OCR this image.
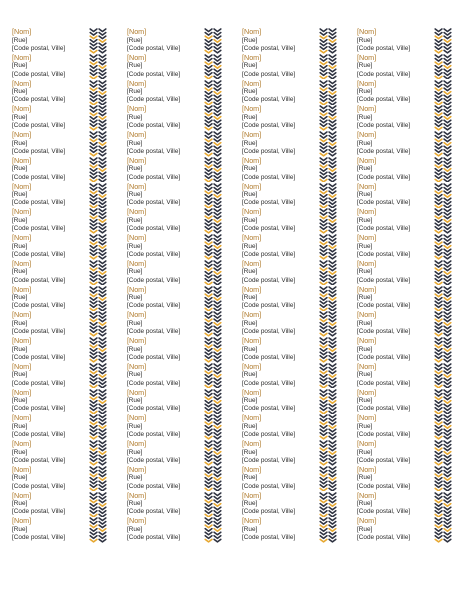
[Nom]
[Rue]
[Code postal, Ville]
[Nom]
[Rue]
[Code postal, Ville]
[Nom]
[Rue]
[Code postal, Ville]
[Nom]
[Rue]
[Code postal, Ville]
[Nom]
[Rue]
[Code postal, Ville]
[Nom]
[Rue]
[Code postal, Ville]
[Nom]
[Rue]
[Code postal, Ville]
[Nom]
[Rue]
[Code postal, Ville]
[Nom]
[Rue]
[Code postal, Ville]
[Nom]
[Rue]
[Code postal, Ville]
[Nom]
[Rue]
[Code postal, Ville]
[Nom]
[Rue]
[Code postal, Ville]
[Nom]
[Rue]
[Code postal, Ville]
[Nom]
[Rue]
[Code postal, Ville]
[Nom]
[Rue]
[Code postal, Ville]
[Nom]
[Rue]
[Code postal, Ville]
[Nom]
[Rue]
[Code postal, Ville]
[Nom]
[Rue]
[Code postal, Ville]
[Nom]
[Rue]
[Code postal, Ville]
[Nom]
[Rue]
[Code postal, Ville]
[Nom]
[Rue]
[Code postal, Ville]
[Nom]
[Rue]
[Code postal, Ville]
[Nom]
[Rue]
[Code postal, Ville]
[Nom]
[Rue]
[Code postal, Ville]
[Nom]
[Rue]
[Code postal, Ville]
[Nom]
[Rue]
[Code postal, Ville]
[Nom]
[Rue]
[Code postal, Ville]
[Nom]
[Rue]
[Code postal, Ville]
[Nom]
[Rue]
[Code postal, Ville]
[Nom]
[Rue]
[Code postal, Ville]
[Nom]
[Rue]
[Code postal, Ville]
[Nom]
[Rue]
[Code postal, Ville]
[Nom]
[Rue]
[Code postal, Ville]
[Nom]
[Rue]
[Code postal, Ville]
[Nom]
[Rue]
[Code postal, Ville]
[Nom]
[Rue]
[Code postal, Ville]
[Nom]
[Rue]
[Code postal, Ville]
[Nom]
[Rue]
[Code postal, Ville]
[Nom]
[Rue]
[Code postal, Ville]
[Nom]
[Rue]
[Code postal, Ville]
[Nom]
[Rue]
[Code postal, Ville]
[Nom]
[Rue]
[Code postal, Ville]
[Nom]
[Rue]
[Code postal, Ville]
[Nom]
[Rue]
[Code postal, Ville]
[Nom]
[Rue]
[Code postal, Ville]
[Nom]
[Rue]
[Code postal, Ville]
[Nom]
[Rue]
[Code postal, Ville]
[Nom]
[Rue]
[Code postal, Ville]
[Nom]
[Rue]
[Code postal, Ville]
[Nom]
[Rue]
[Code postal, Ville]
[Nom]
[Rue]
[Code postal, Ville]
[Nom]
[Rue]
[Code postal, Ville]
[Nom]
[Rue]
[Code postal, Ville]
[Nom]
[Rue]
[Code postal, Ville]
[Nom]
[Rue]
[Code postal, Ville]
[Nom]
[Rue]
[Code postal, Ville]
[Nom]
[Rue]
[Code postal, Ville]
[Nom]
[Rue]
[Code postal, Ville]
[Nom]
[Rue]
[Code postal, Ville]
[Nom]
[Rue]
[Code postal, Ville]
[Nom]
[Rue]
[Code postal, Ville]
[Nom]
[Rue]
[Code postal, Ville]
[Nom]
[Rue]
[Code postal, Ville]
[Nom]
[Rue]
[Code postal, Ville]
[Nom]
[Rue]
[Code postal, Ville]
[Nom]
[Rue]
[Code postal, Ville]
[Nom]
[Rue]
[Code postal, Ville]
[Nom]
[Rue]
[Code postal, Ville]
[Nom]
[Rue]
[Code postal, Ville]
[Nom]
[Rue]
[Code postal, Ville]
[Nom]
[Rue]
[Code postal, Ville]
[Nom]
[Rue]
[Code postal, Ville]
[Nom]
[Rue]
[Code postal, Ville]
[Nom]
[Rue]
[Code postal, Ville]
[Nom]
[Rue]
[Code postal, Ville]
[Nom]
[Rue]
[Code postal, Ville]
[Nom]
[Rue]
[Code postal, Ville]
[Nom]
[Rue]
[Code postal, Ville]
[Nom]
[Rue]
[Code postal, Ville]
[Nom]
[Rue]
[Code postal, Ville]
